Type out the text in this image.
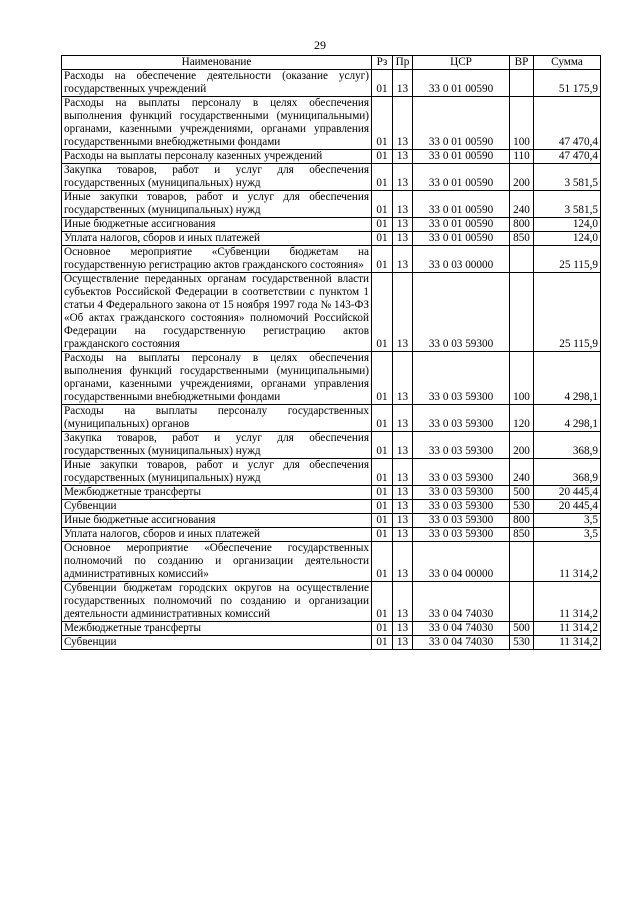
29
Наименование	Рз	Пр	ЦСР	ВР	Сумма
Расходы на обеспечение деятельности (оказание услуг) государственных учреждений	01	13	33 0 01 00590		51 175,9
Расходы на выплаты персоналу в целях обеспечения выполнения функций государственными (муниципальными) органами, казенными учреждениями, органами управления государственными внебюджетными фондами	01	13	33 0 01 00590	100	47 470,4
Расходы на выплаты персоналу казенных учреждений	01	13	33 0 01 00590	110	47 470,4
Закупка товаров, работ и услуг для обеспечения государственных (муниципальных) нужд	01	13	33 0 01 00590	200	3 581,5
Иные закупки товаров, работ и услуг для обеспечения государственных (муниципальных) нужд	01	13	33 0 01 00590	240	3 581,5
Иные бюджетные ассигнования	01	13	33 0 01 00590	800	124,0
Уплата налогов, сборов и иных платежей	01	13	33 0 01 00590	850	124,0
Основное мероприятие «Субвенции бюджетам на государственную регистрацию актов гражданского состояния»	01	13	33 0 03 00000		25 115,9
Осуществление переданных органам государственной власти субъектов Российской Федерации в соответствии с пунктом 1 статьи 4 Федерального закона от 15 ноября 1997 года № 143-ФЗ «Об актах гражданского состояния» полномочий Российской Федерации на государственную регистрацию актов гражданского состояния	01	13	33 0 03 59300		25 115,9
Расходы на выплаты персоналу в целях обеспечения выполнения функций государственными (муниципальными) органами, казенными учреждениями, органами управления государственными внебюджетными фондами	01	13	33 0 03 59300	100	4 298,1
Расходы на выплаты персоналу государственных (муниципальных) органов	01	13	33 0 03 59300	120	4 298,1
Закупка товаров, работ и услуг для обеспечения государственных (муниципальных) нужд	01	13	33 0 03 59300	200	368,9
Иные закупки товаров, работ и услуг для обеспечения государственных (муниципальных) нужд	01	13	33 0 03 59300	240	368,9
Межбюджетные трансферты	01	13	33 0 03 59300	500	20 445,4
Субвенции	01	13	33 0 03 59300	530	20 445,4
Иные бюджетные ассигнования	01	13	33 0 03 59300	800	3,5
Уплата налогов, сборов и иных платежей	01	13	33 0 03 59300	850	3,5
Основное мероприятие «Обеспечение государственных полномочий по созданию и организации деятельности административных комиссий»	01	13	33 0 04 00000		11 314,2
Субвенции бюджетам городских округов на осуществление государственных полномочий по созданию и организации деятельности административных комиссий	01	13	33 0 04 74030		11 314,2
Межбюджетные трансферты	01	13	33 0 04 74030	500	11 314,2
Субвенции	01	13	33 0 04 74030	530	11 314,2
